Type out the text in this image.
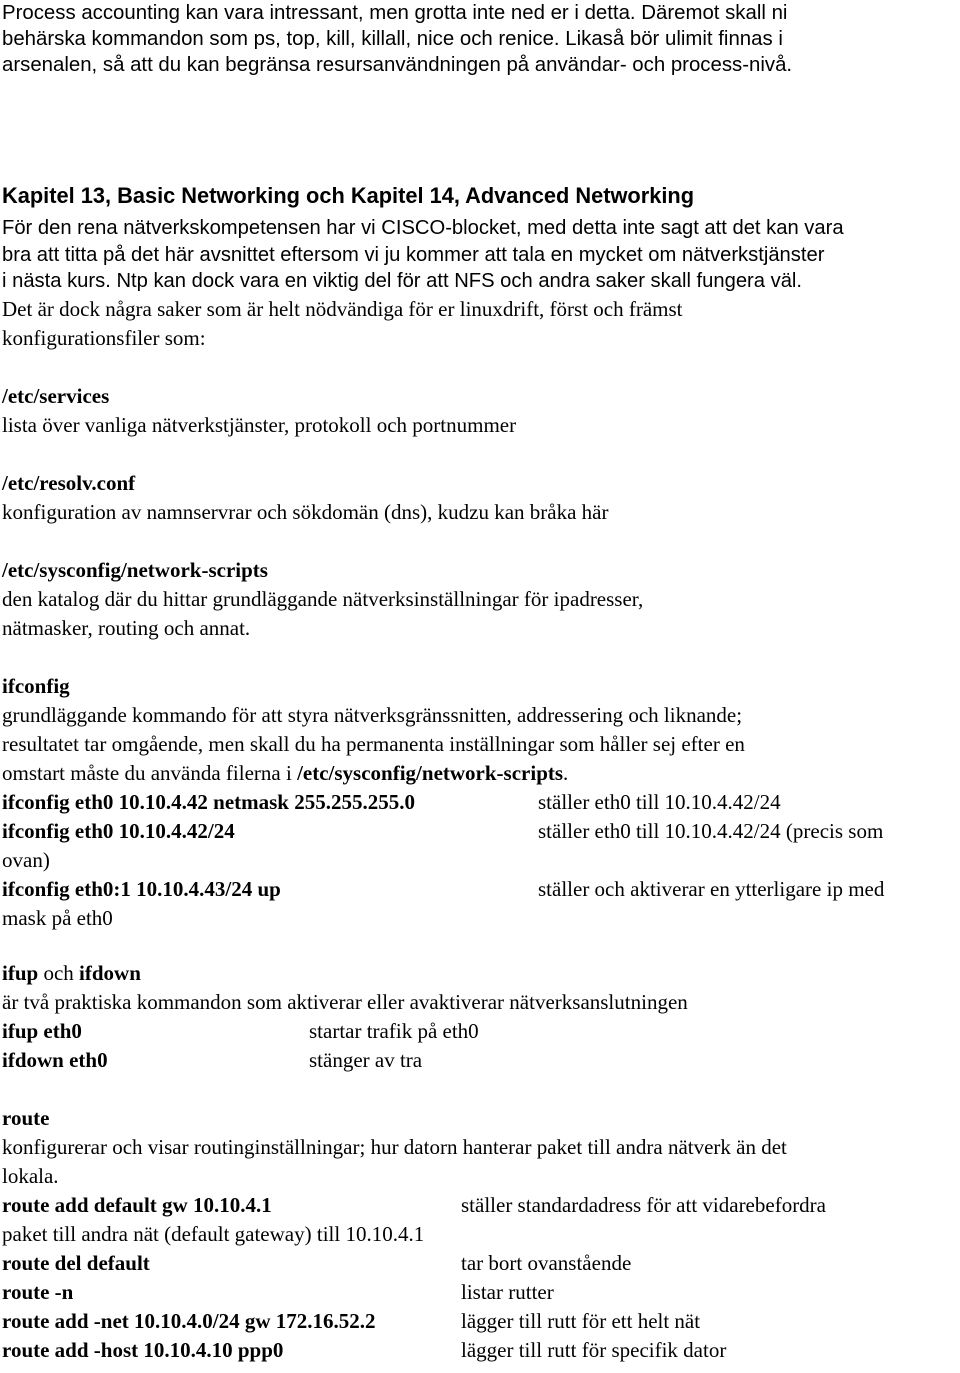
Process accounting kan vara intressant, men grotta inte ned er i detta. Däremot skall ni

behärska kommandon som ps, top, kill, killall, nice och renice. Likaså bör ulimit finnas i

arsenalen, så att du kan begränsa resursanvändningen på användar- och process-nivå.

Kapitel 13, Basic Networking och Kapitel 14, Advanced Networking

För den rena nätverkskompetensen har vi CISCO-blocket, med detta inte sagt att det kan vara

bra att titta på det här avsnittet eftersom vi ju kommer att tala en mycket om nätverkstjänster

i nästa kurs. Ntp kan dock vara en viktig del för att NFS och andra saker skall fungera väl.

Det är dock några saker som är helt nödvändiga för er linuxdrift, först och främst

konfigurationsfiler som:

/etc/services

lista över vanliga nätverkstjänster, protokoll och portnummer

/etc/resolv.conf

konfiguration av namnservrar och sökdomän (dns), kudzu kan bråka här

/etc/sysconfig/network-scripts

den katalog där du hittar grundläggande nätverksinställningar för ipadresser,

nätmasker, routing och annat.

ifconfig

grundläggande kommando för att styra nätverksgränssnitten, addressering och liknande;

resultatet tar omgående, men skall du ha permanenta inställningar som håller sej efter en

omstart måste du använda filerna i /etc/sysconfig/network-scripts.

ifconfig eth0 10.10.4.42 netmask 255.255.255.0	ställer eth0 till 10.10.4.42/24
ifconfig eth0 10.10.4.42/24	ställer eth0 till 10.10.4.42/24 (precis som

ovan)

ifconfig eth0:1 10.10.4.43/24 up	ställer och aktiverar en ytterligare ip med

mask på eth0

ifup och ifdown

är två praktiska kommandon som aktiverar eller avaktiverar nätverksanslutningen

ifup eth0	startar trafik på eth0
ifdown eth0	stänger av tra

route

konfigurerar och visar routinginställningar; hur datorn hanterar paket till andra nätverk än det

lokala.

route add default gw 10.10.4.1	ställer standardadress för att vidarebefordra

paket till andra nät (default gateway) till 10.10.4.1

route del default	tar bort ovanstående
route -n	listar rutter
route add -net 10.10.4.0/24 gw 172.16.52.2	lägger till rutt för ett helt nät
route add -host 10.10.4.10 ppp0	lägger till rutt för specifik dator
